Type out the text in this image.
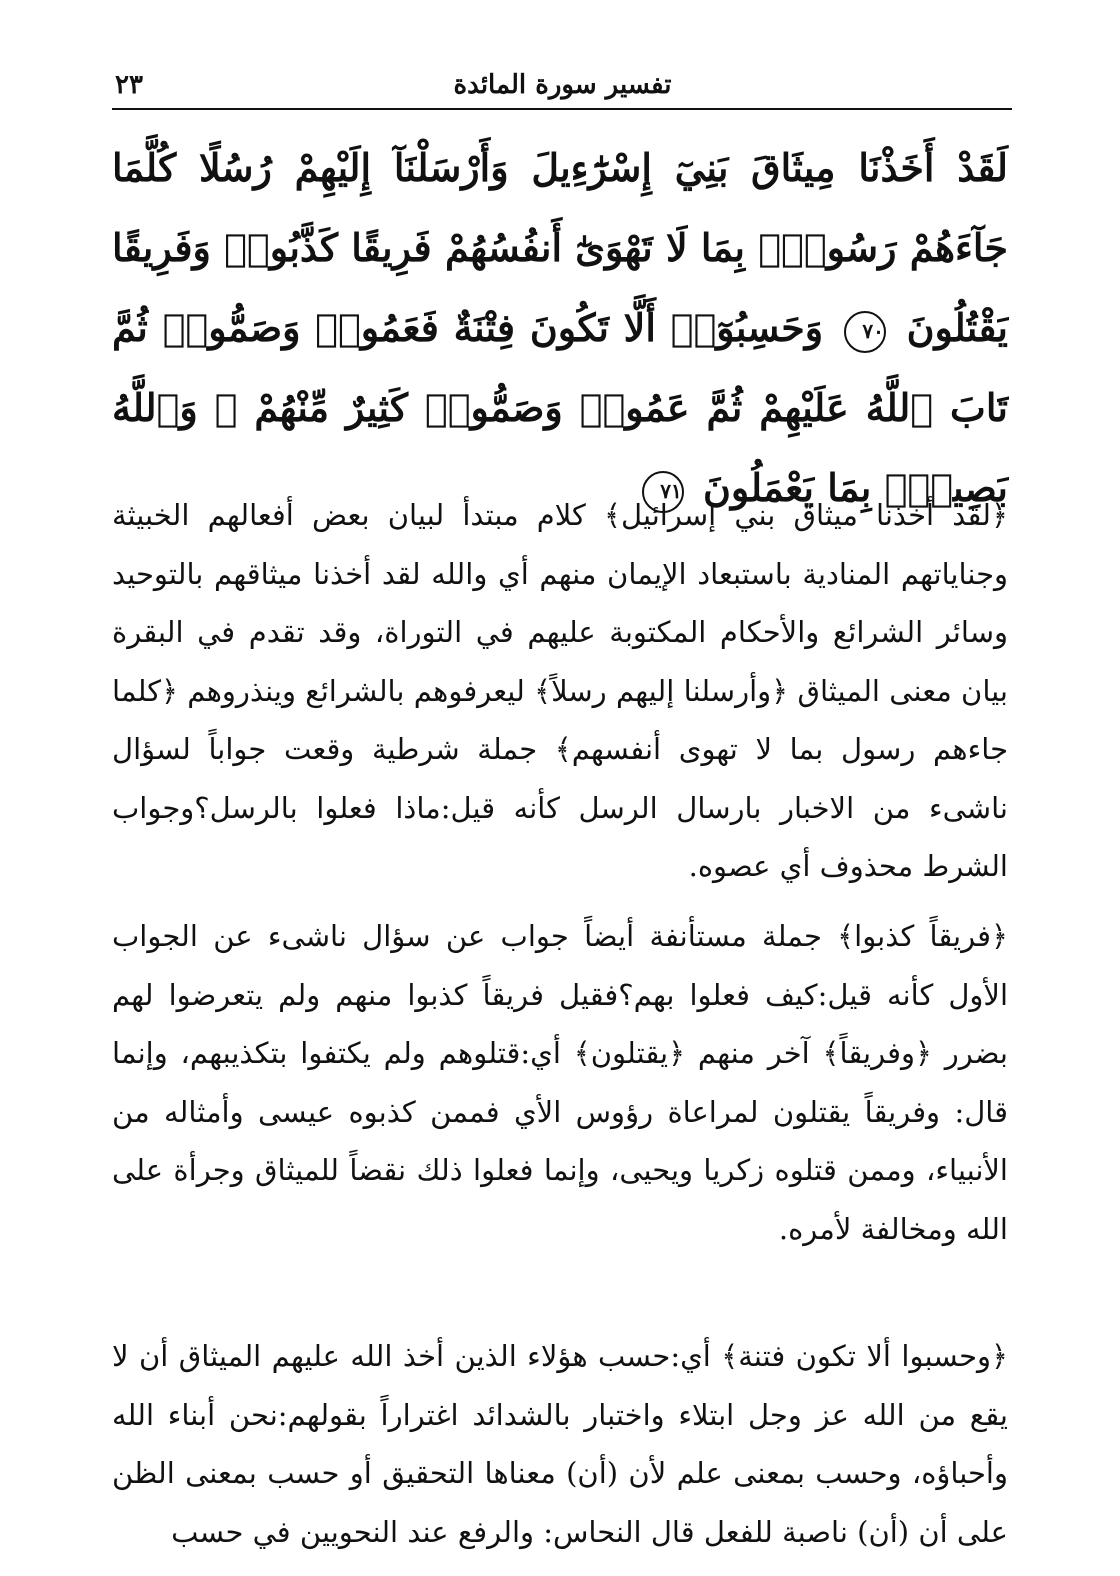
تفسير سورة المائدة
٢٣
لَقَدْ أَخَذْنَا مِيثَاقَ بَنِيٓ إِسْرَٰٓءِيلَ وَأَرْسَلْنَآ إِلَيْهِمْ رُسُلًا كُلَّمَا جَآءَهُمْ رَسُولٌۢ بِمَا لَا تَهْوَىٰٓ أَنفُسُهُمْ فَرِيقًا كَذَّبُوا۟ وَفَرِيقًا يَقْتُلُونَ ٧٠ وَحَسِبُوٓا۟ أَلَّا تَكُونَ فِتْنَةٌ فَعَمُوا۟ وَصَمُّوا۟ ثُمَّ تَابَ ٱللَّهُ عَلَيْهِمْ ثُمَّ عَمُوا۟ وَصَمُّوا۟ كَثِيرٌ مِّنْهُمْ ۚ وَٱللَّهُ بَصِيرٌۢ بِمَا يَعْمَلُونَ ٧١

﴿لقد أخذنا ميثاق بني إسرائيل﴾ كلام مبتدأ لبيان بعض أفعالهم الخبيثة وجناياتهم المنادية باستبعاد الإيمان منهم أي والله لقد أخذنا ميثاقهم بالتوحيد وسائر الشرائع والأحكام المكتوبة عليهم في التوراة، وقد تقدم في البقرة بيان معنى الميثاق ﴿وأرسلنا إليهم رسلاً﴾ ليعرفوهم بالشرائع وينذروهم ﴿كلما جاءهم رسول بما لا تهوى أنفسهم﴾ جملة شرطية وقعت جواباً لسؤال ناشىء من الاخبار بارسال الرسل كأنه قيل:ماذا فعلوا بالرسل؟وجواب الشرط محذوف أي عصوه.

﴿فريقاً كذبوا﴾ جملة مستأنفة أيضاً جواب عن سؤال ناشىء عن الجواب الأول كأنه قيل:كيف فعلوا بهم؟فقيل فريقاً كذبوا منهم ولم يتعرضوا لهم بضرر ﴿وفريقاً﴾ آخر منهم ﴿يقتلون﴾ أي:قتلوهم ولم يكتفوا بتكذيبهم، وإنما قال: وفريقاً يقتلون لمراعاة رؤوس الأي فممن كذبوه عيسى وأمثاله من الأنبياء، وممن قتلوه زكريا ويحيى، وإنما فعلوا ذلك نقضاً للميثاق وجرأة على الله ومخالفة لأمره.

﴿وحسبوا ألا تكون فتنة﴾ أي:حسب هؤلاء الذين أخذ الله عليهم الميثاق أن لا يقع من الله عز وجل ابتلاء واختبار بالشدائد اغتراراً بقولهم:نحن أبناء الله وأحباؤه، وحسب بمعنى علم لأن (أن) معناها التحقيق أو حسب بمعنى الظن على أن (أن) ناصبة للفعل قال النحاس: والرفع عند النحويين في حسب
